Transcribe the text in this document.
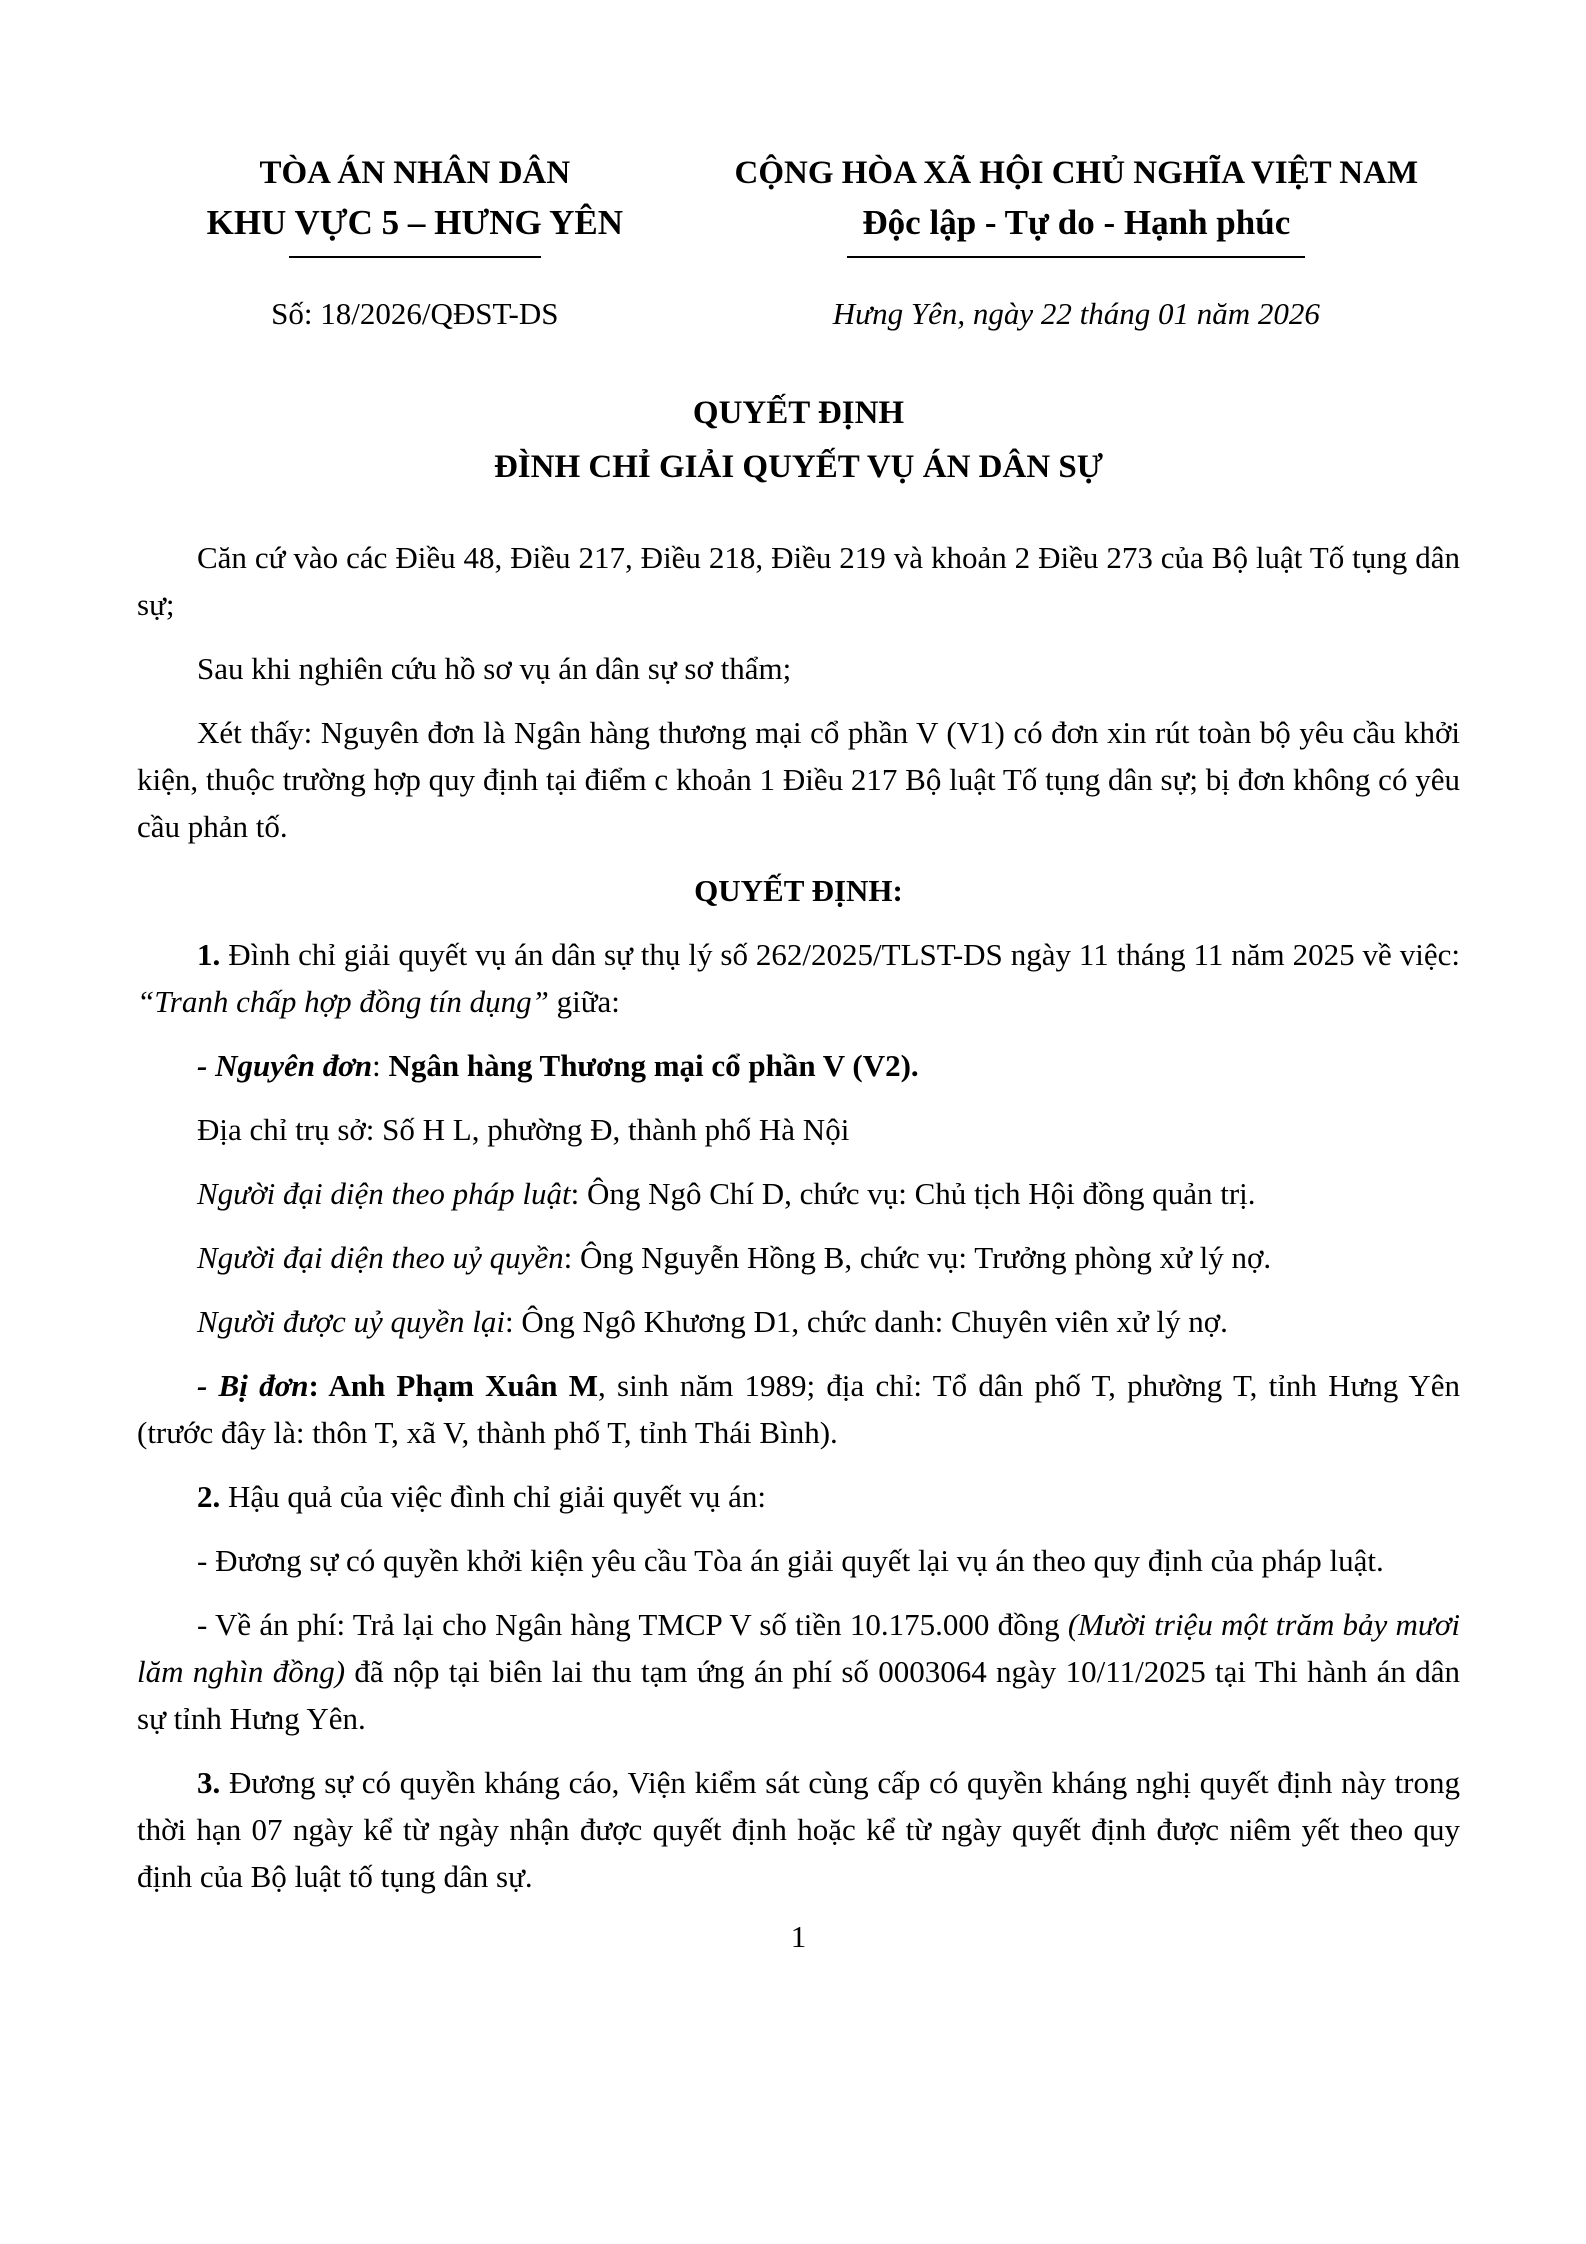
TÒA ÁN NHÂN DÂN
KHU VỰC 5 – HƯNG YÊN
Số: 18/2026/QĐST-DS
CỘNG HÒA XÃ HỘI CHỦ NGHĨA VIỆT NAM
Độc lập - Tự do - Hạnh phúc
Hưng Yên, ngày 22 tháng 01 năm 2026
QUYẾT ĐỊNH
ĐÌNH CHỈ GIẢI QUYẾT VỤ ÁN DÂN SỰ

Căn cứ vào các Điều 48, Điều 217, Điều 218, Điều 219 và khoản 2 Điều 273 của Bộ luật Tố tụng dân sự;

Sau khi nghiên cứu hồ sơ vụ án dân sự sơ thẩm;

Xét thấy: Nguyên đơn là Ngân hàng thương mại cổ phần V (V1) có đơn xin rút toàn bộ yêu cầu khởi kiện, thuộc trường hợp quy định tại điểm c khoản 1 Điều 217 Bộ luật Tố tụng dân sự; bị đơn không có yêu cầu phản tố.

QUYẾT ĐỊNH:

1. Đình chỉ giải quyết vụ án dân sự thụ lý số 262/2025/TLST-DS ngày 11 tháng 11 năm 2025 về việc: “Tranh chấp hợp đồng tín dụng” giữa:

- Nguyên đơn: Ngân hàng Thương mại cổ phần V (V2).

Địa chỉ trụ sở: Số H L, phường Đ, thành phố Hà Nội

Người đại diện theo pháp luật: Ông Ngô Chí D, chức vụ: Chủ tịch Hội đồng quản trị.

Người đại diện theo uỷ quyền: Ông Nguyễn Hồng B, chức vụ: Trưởng phòng xử lý nợ.

Người được uỷ quyền lại: Ông Ngô Khương D1, chức danh: Chuyên viên xử lý nợ.

- Bị đơn: Anh Phạm Xuân M, sinh năm 1989; địa chỉ: Tổ dân phố T, phường T, tỉnh Hưng Yên (trước đây là: thôn T, xã V, thành phố T, tỉnh Thái Bình).

2. Hậu quả của việc đình chỉ giải quyết vụ án:

- Đương sự có quyền khởi kiện yêu cầu Tòa án giải quyết lại vụ án theo quy định của pháp luật.

- Về án phí: Trả lại cho Ngân hàng TMCP V số tiền 10.175.000 đồng (Mười triệu một trăm bảy mươi lăm nghìn đồng) đã nộp tại biên lai thu tạm ứng án phí số 0003064 ngày 10/11/2025 tại Thi hành án dân sự tỉnh Hưng Yên.

3. Đương sự có quyền kháng cáo, Viện kiểm sát cùng cấp có quyền kháng nghị quyết định này trong thời hạn 07 ngày kể từ ngày nhận được quyết định hoặc kể từ ngày quyết định được niêm yết theo quy định của Bộ luật tố tụng dân sự.

1
